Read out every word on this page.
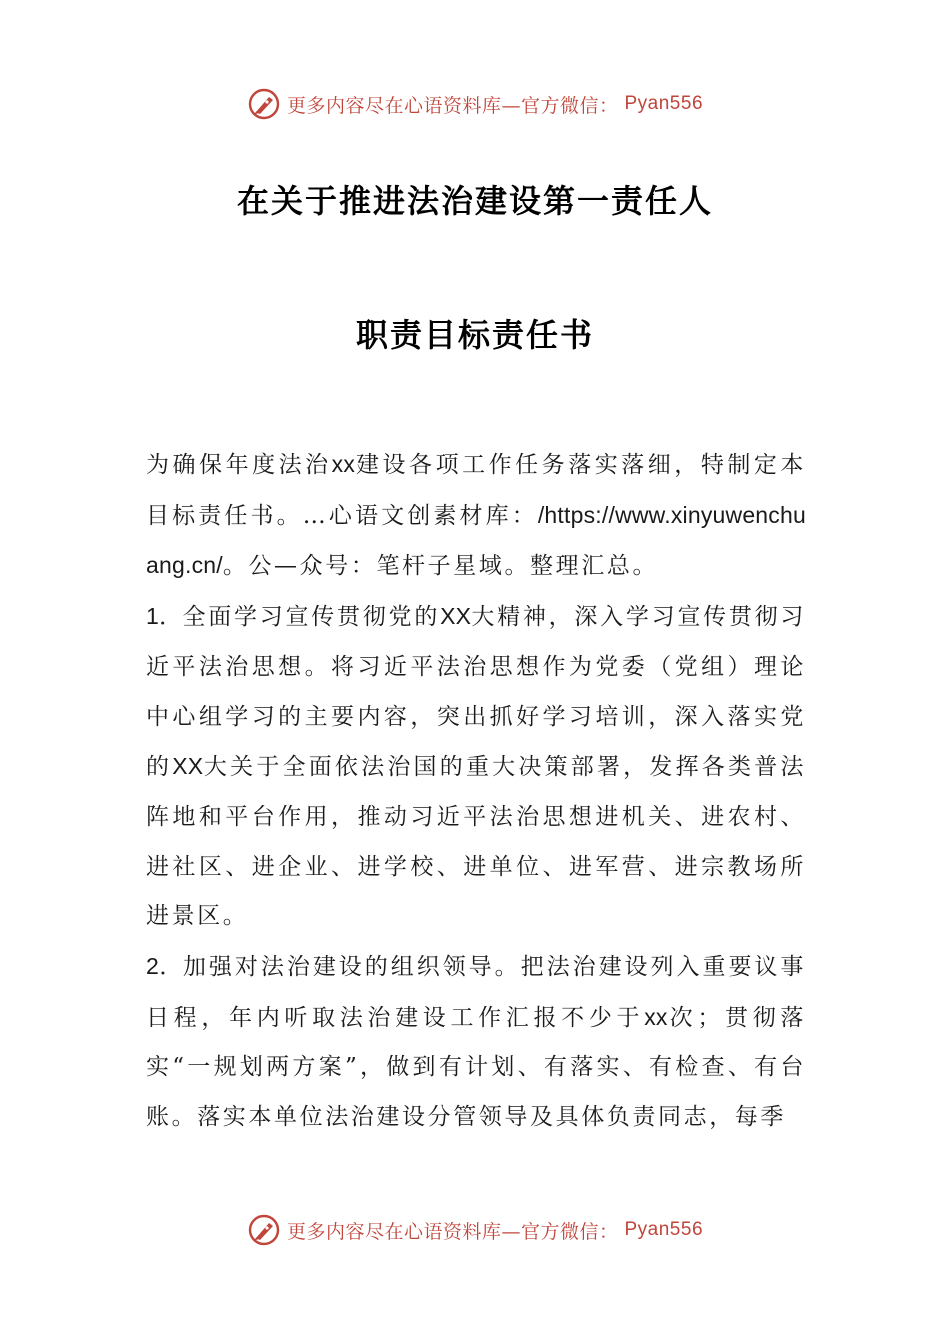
更多内容尽在心语资料库—官方微信： Pyan556
在关于推进法治建设第一责任人
职责目标责任书

为确保年度法治xx建设各项工作任务落实落细，特制定本目标责任书。…心语文创素材库：/https://www.xinyuwenchuang.cn/。公—众号：笔杆子星域。整理汇总。

1．全面学习宣传贯彻党的XX大精神，深入学习宣传贯彻习近平法治思想。将习近平法治思想作为党委（党组）理论中心组学习的主要内容，突出抓好学习培训，深入落实党的XX大关于全面依法治国的重大决策部署，发挥各类普法阵地和平台作用，推动习近平法治思想进机关、进农村、进社区、进企业、进学校、进单位、进军营、进宗教场所进景区。

2．加强对法治建设的组织领导。把法治建设列入重要议事日程，年内听取法治建设工作汇报不少于xx次；贯彻落实“一规划两方案”，做到有计划、有落实、有检查、有台账。落实本单位法治建设分管领导及具体负责同志，每季

更多内容尽在心语资料库—官方微信： Pyan556
